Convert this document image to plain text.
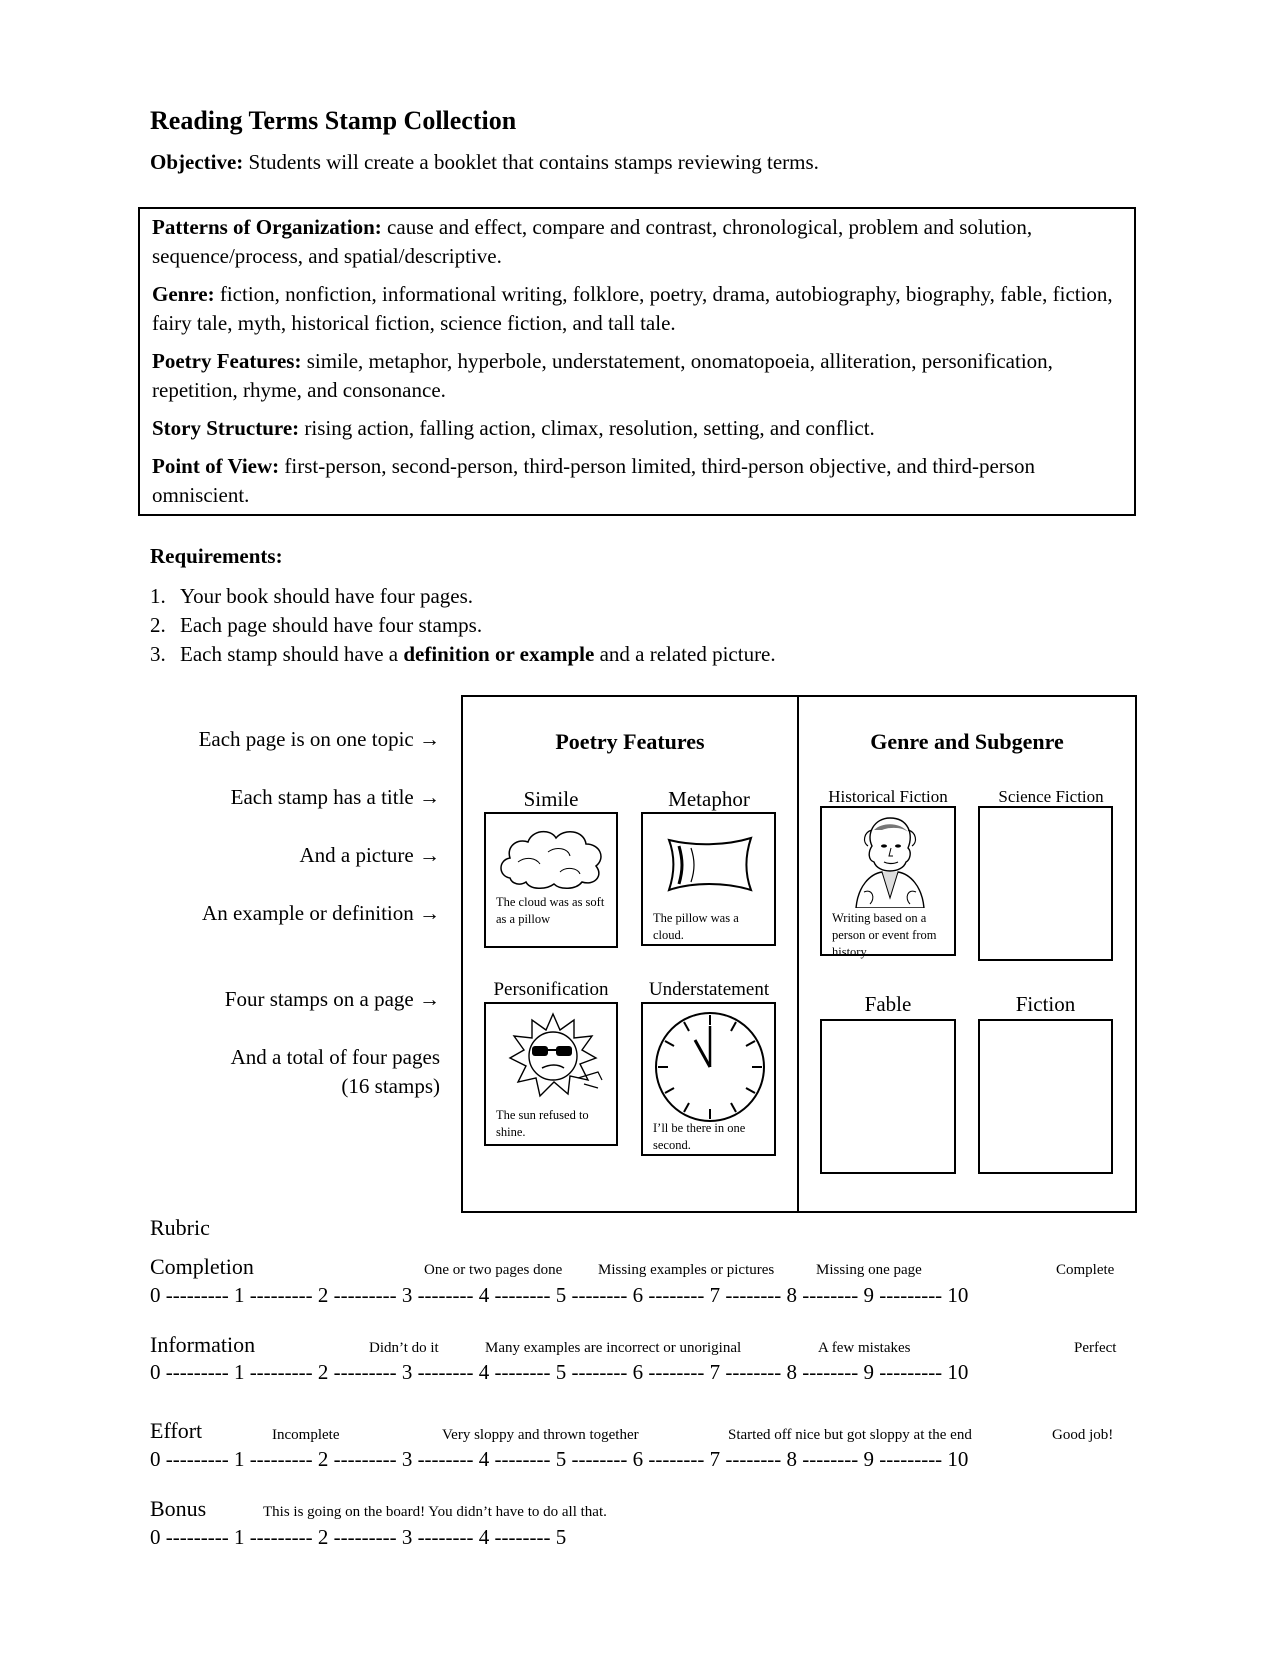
Reading Terms Stamp Collection
Objective: Students will create a booklet that contains stamps reviewing terms.

Patterns of Organization: cause and effect, compare and contrast, chronological, problem and solution, sequence/process, and spatial/descriptive.

Genre: fiction, nonfiction, informational writing, folklore, poetry, drama, autobiography, biography, fable, fiction, fairy tale, myth, historical fiction, science fiction, and tall tale.

Poetry Features: simile, metaphor, hyperbole, understatement, onomatopoeia, alliteration, personification, repetition, rhyme, and consonance.

Story Structure: rising action, falling action, climax, resolution, setting, and conflict.

Point of View: first-person, second-person, third-person limited, third-person objective, and third-person omniscient.

Requirements:
1. Your book should have four pages.
2. Each page should have four stamps.
3. Each stamp should have a definition or example and a related picture.
Each page is on one topic →
Each stamp has a title →
And a picture →
An example or definition →
Four stamps on a page →
And a total of four pages
(16 stamps)
Poetry Features	Genre and Subgenre
Simile
The cloud was as soft as a pillow
Metaphor
The pillow was a cloud.
Personification
The sun refused to shine.
Understatement
I’ll be there in one second.
Historical Fiction
Writing based on a person or event from history.
Science Fiction
Fable	Fiction
Rubric
Completion	One or two pages done Missing examples or pictures	Missing one page	Complete
0 --------- 1 --------- 2 --------- 3 -------- 4 -------- 5 -------- 6 -------- 7 -------- 8 -------- 9 --------- 10
Information	Didn’t do it	Many examples are incorrect or unoriginal	A few mistakes	Perfect
0 --------- 1 --------- 2 --------- 3 -------- 4 -------- 5 -------- 6 -------- 7 -------- 8 -------- 9 --------- 10
Effort	Incomplete	Very sloppy and thrown together	Started off nice but got sloppy at the end	Good job!
0 --------- 1 --------- 2 --------- 3 -------- 4 -------- 5 -------- 6 -------- 7 -------- 8 -------- 9 --------- 10
Bonus	This is going on the board! You didn’t have to do all that.
0 --------- 1 --------- 2 --------- 3 -------- 4 -------- 5
